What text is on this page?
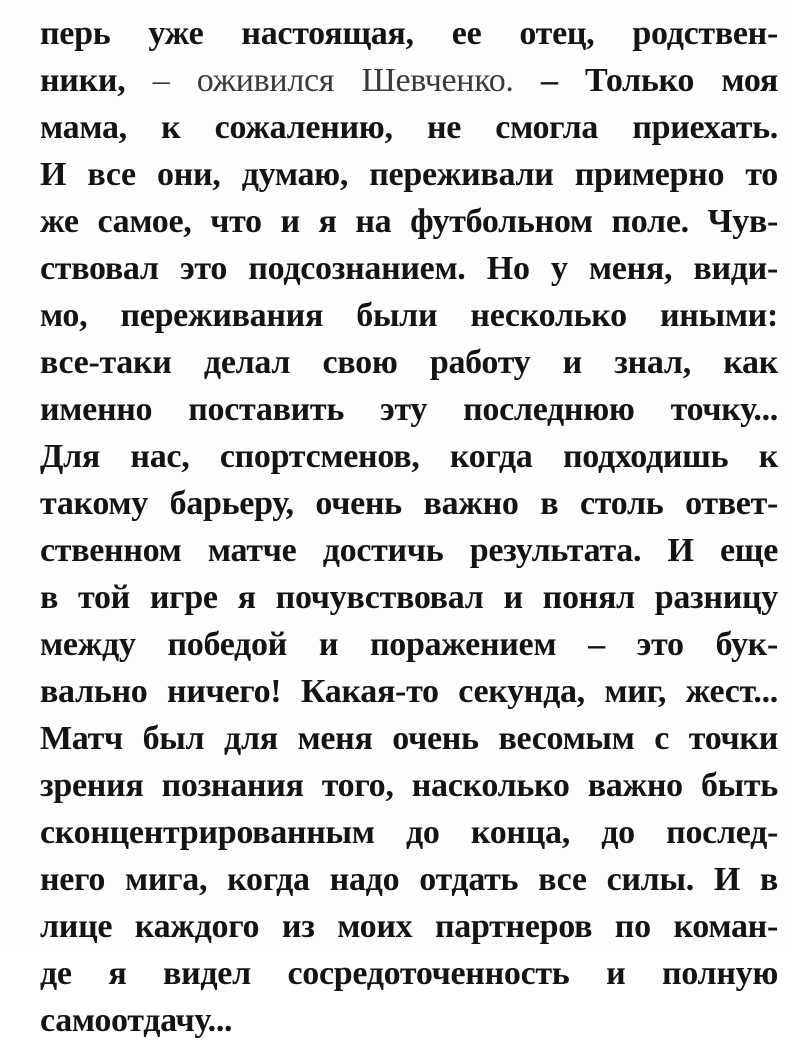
перь уже настоящая, ее отец, родствен-
ники, – оживился Шевченко. – Только моя
мама, к сожалению, не смогла приехать.
И все они, думаю, переживали примерно то
же самое, что и я на футбольном поле. Чув-
ствовал это подсознанием. Но у меня, види-
мо, переживания были несколько иными:
все-таки делал свою работу и знал, как
именно поставить эту последнюю точку...
Для нас, спортсменов, когда подходишь к
такому барьеру, очень важно в столь ответ-
ственном матче достичь результата. И еще
в той игре я почувствовал и понял разницу
между победой и поражением – это бук-
вально ничего! Какая-то секунда, миг, жест...
Матч был для меня очень весомым с точки
зрения познания того, насколько важно быть
сконцентрированным до конца, до послед-
него мига, когда надо отдать все силы. И в
лице каждого из моих партнеров по коман-
де я видел сосредоточенность и полную
самоотдачу...
